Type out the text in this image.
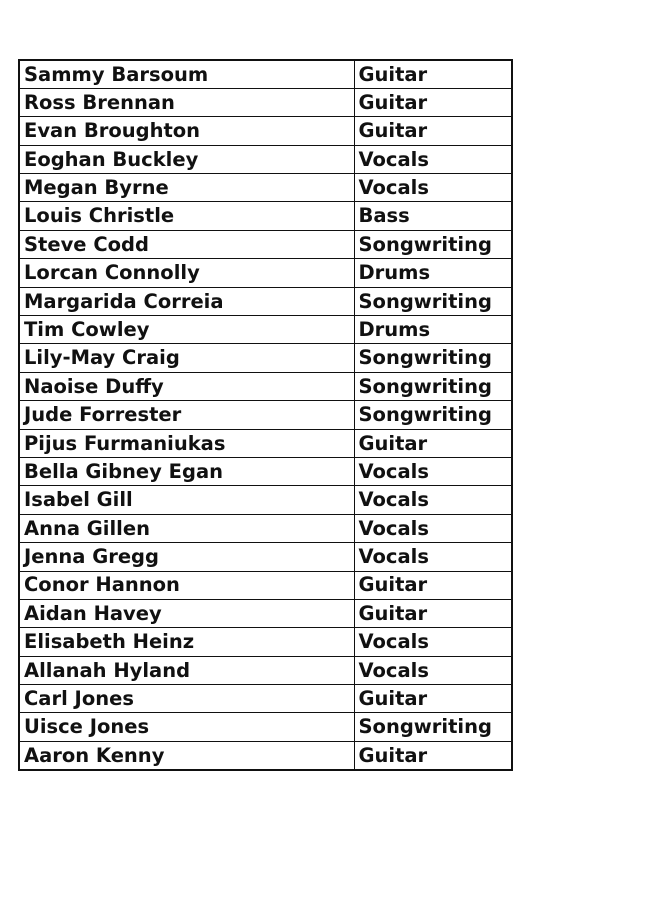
Sammy Barsoum	Guitar
Ross Brennan	Guitar
Evan Broughton	Guitar
Eoghan Buckley	Vocals
Megan Byrne	Vocals
Louis Christle	Bass
Steve Codd	Songwriting
Lorcan Connolly	Drums
Margarida Correia	Songwriting
Tim Cowley	Drums
Lily-May Craig	Songwriting
Naoise Duffy	Songwriting
Jude Forrester	Songwriting
Pijus Furmaniukas	Guitar
Bella Gibney Egan	Vocals
Isabel Gill	Vocals
Anna Gillen	Vocals
Jenna Gregg	Vocals
Conor Hannon	Guitar
Aidan Havey	Guitar
Elisabeth Heinz	Vocals
Allanah Hyland	Vocals
Carl Jones	Guitar
Uisce Jones	Songwriting
Aaron Kenny	Guitar
